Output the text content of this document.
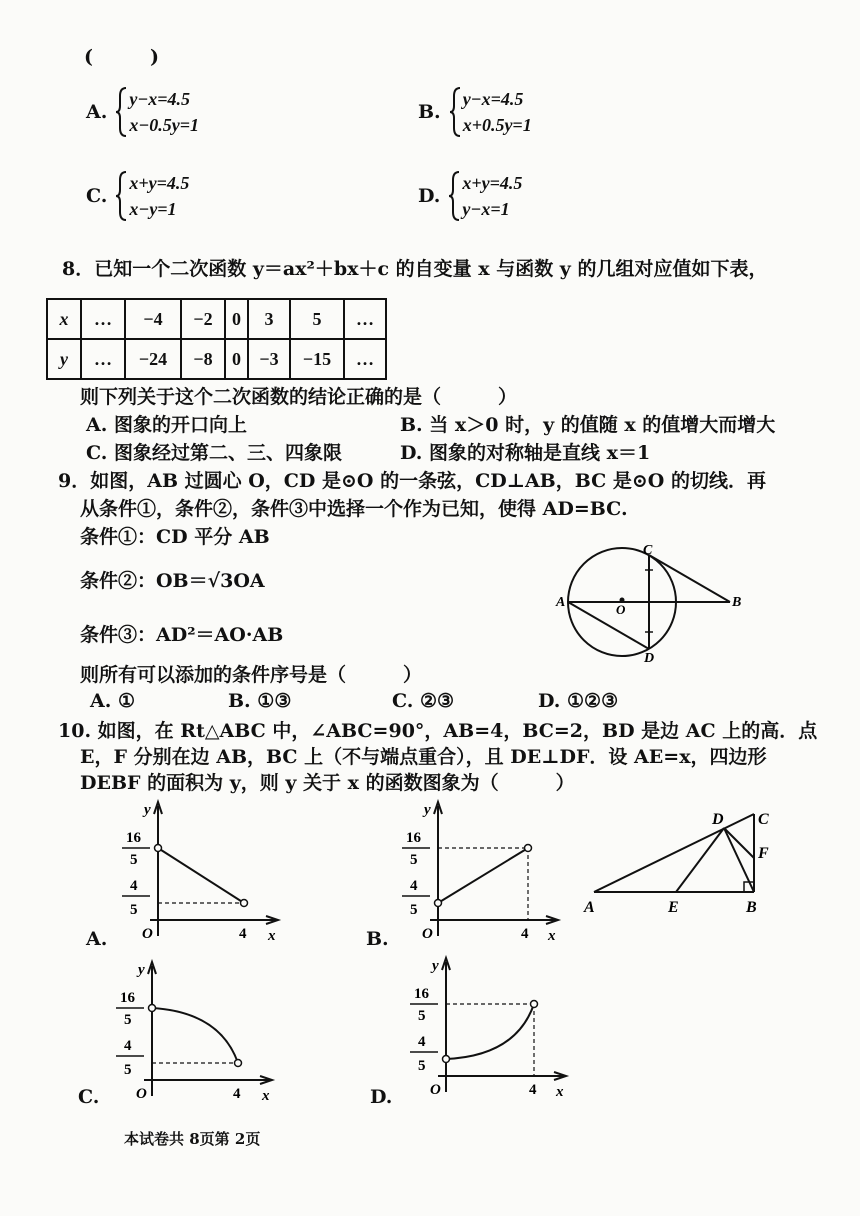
(　　　)
A.
y−x=4.5
x−0.5y=1
B.
y−x=4.5
x+0.5y=1
C.
x+y=4.5
x−y=1
D.
x+y=4.5
y−x=1
8．已知一个二次函数 y＝ax²＋bx＋c 的自变量 x 与函数 y 的几组对应值如下表，
x	…	−4	−2	0	3	5	…
y	…	−24	−8	0	−3	−15	…
则下列关于这个二次函数的结论正确的是（　　　）
A. 图象的开口向上	B. 当 x＞0 时，y 的值随 x 的值增大而增大
C. 图象经过第二、三、四象限	D. 图象的对称轴是直线 x＝1
9．如图，AB 过圆心 O，CD 是⊙O 的一条弦，CD⊥AB，BC 是⊙O 的切线．再
从条件①，条件②，条件③中选择一个作为已知，使得 AD=BC.
条件①：CD 平分 AB
条件②：OB＝√3OA
条件③：AD²＝AO·AB
则所有可以添加的条件序号是（　　　）
A. ①	B. ①③	C. ②③	D. ①②③
C
A	O	B
D
10. 如图，在 Rt△ABC 中，∠ABC=90°，AB=4，BC=2，BD 是边 AC 上的高．点
E，F 分别在边 AB，BC 上（不与端点重合），且 DE⊥DF．设 AE=x，四边形
DEBF 的面积为 y，则 y 关于 x 的函数图象为（　　　）
y
x
O	4
16
5
4
5
A.
y
x
O	4
16
5
4
5
B.
A	E	B
C
D
F
y
x
O	4
16
5
4
5
C.
y
x
O	4
16
5
4
5
D.
本试卷共 8页第 2页
